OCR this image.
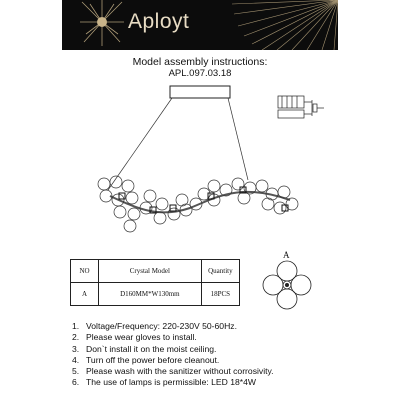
Aployt
Model assembly instructions:
APL.097.03.18
A
NO	Crystal Model	Quantity
A	D160MM*W130mm	18PCS
1. Voltage/Frequency: 220-230V 50-60Hz.
2. Please wear gloves to install.
3. Don`t install it on the moist ceiling.
4. Turn off the power before cleanout.
5. Please wash with the sanitizer without corrosivity.
6. The use of lamps is permissible: LED 18*4W
